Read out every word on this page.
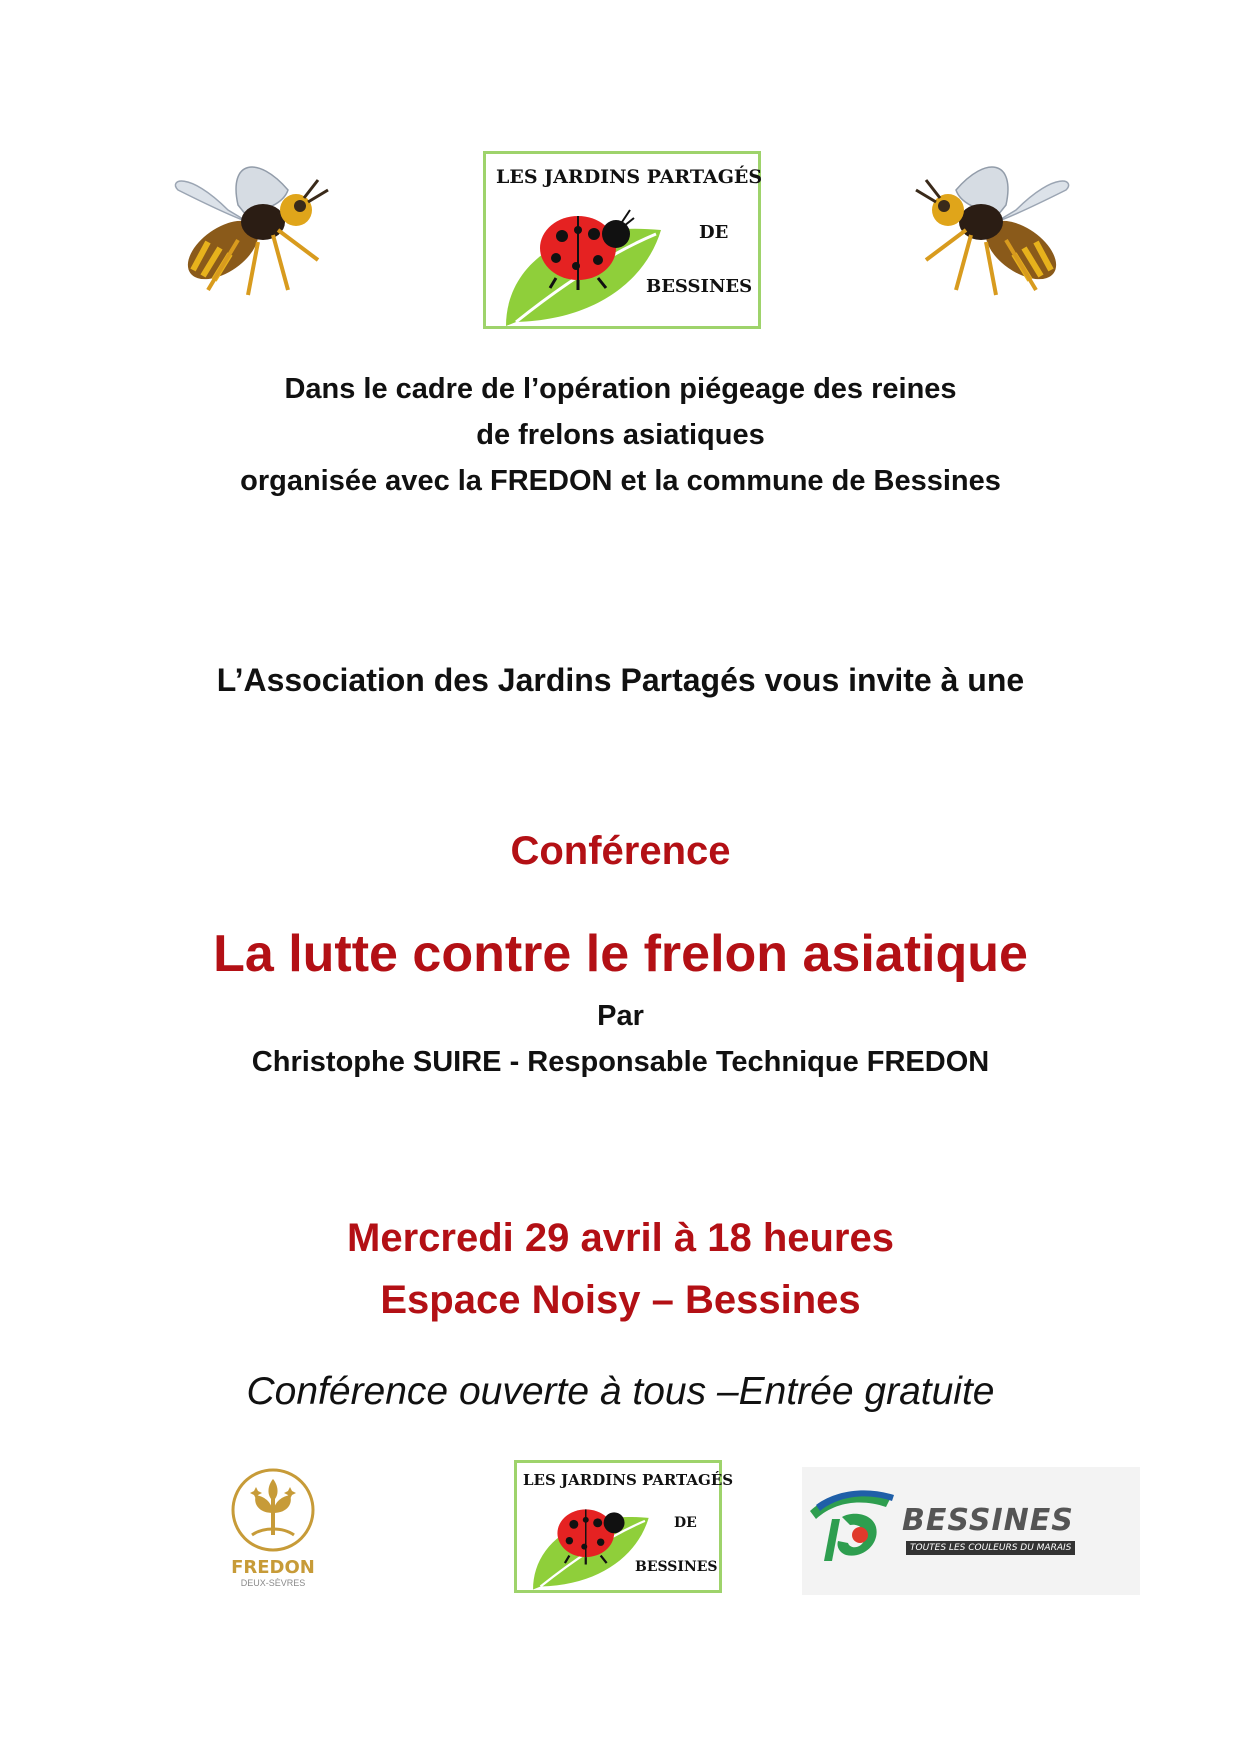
LES JARDINS PARTAGÉS
DE
BESSINES
Dans le cadre de l’opération piégeage des reines
de frelons asiatiques
organisée avec la FREDON et la commune de Bessines
L’Association des Jardins Partagés vous invite à une
Conférence
La lutte contre le frelon asiatique
Par
Christophe SUIRE - Responsable Technique FREDON
Mercredi 29 avril à 18 heures
Espace Noisy – Bessines
Conférence ouverte à tous –Entrée gratuite
FREDON
DEUX-SÈVRES
LES JARDINS PARTAGÉS
DE
BESSINES
BESSINES
TOUTES LES COULEURS DU MARAIS
